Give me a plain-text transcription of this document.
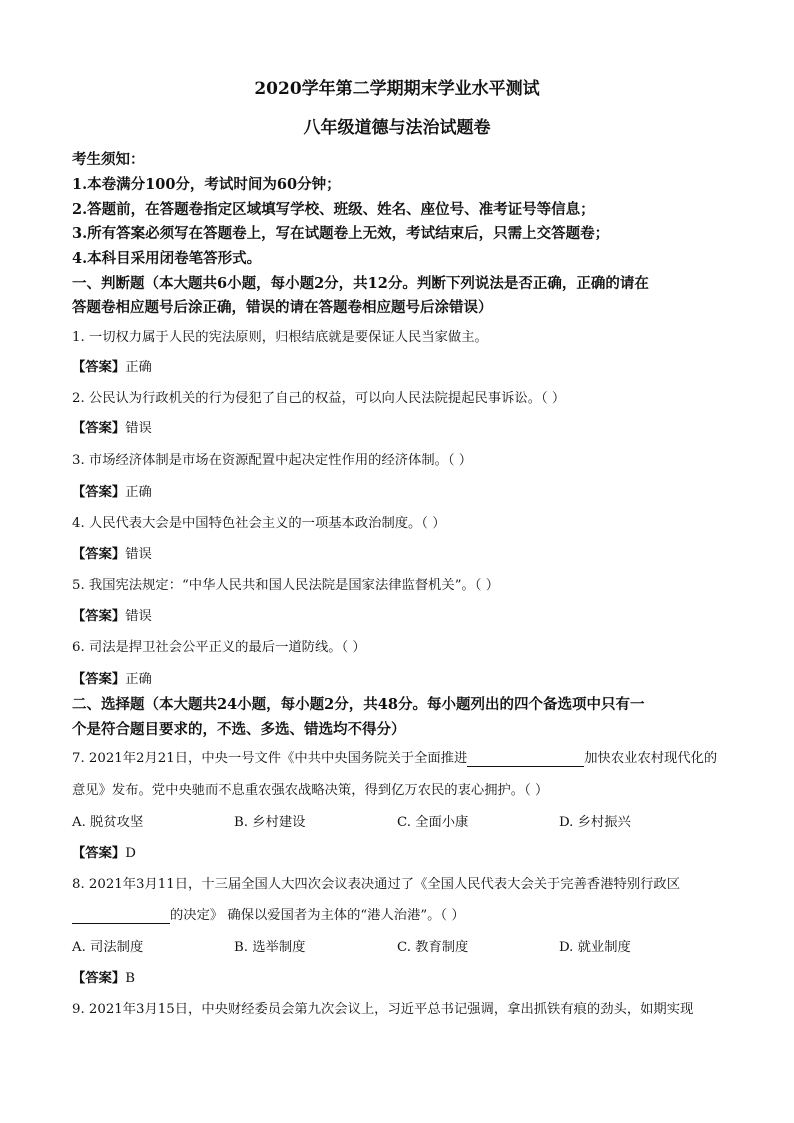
2020学年第二学期期末学业水平测试
八年级道德与法治试题卷
考生须知：
1.本卷满分100分，考试时间为60分钟；
2.答题前，在答题卷指定区域填写学校、班级、姓名、座位号、准考证号等信息；
3.所有答案必须写在答题卷上，写在试题卷上无效，考试结束后，只需上交答题卷；
4.本科目采用闭卷笔答形式。
一、判断题（本大题共6小题，每小题2分，共12分。判断下列说法是否正确，正确的请在
答题卷相应题号后涂正确，错误的请在答题卷相应题号后涂错误）
1. 一切权力属于人民的宪法原则，归根结底就是要保证人民当家做主。
【答案】正确
2. 公民认为行政机关的行为侵犯了自己的权益，可以向人民法院提起民事诉讼。（ ）
【答案】错误
3. 市场经济体制是市场在资源配置中起决定性作用的经济体制。（ ）
【答案】正确
4. 人民代表大会是中国特色社会主义的一项基本政治制度。（ ）
【答案】错误
5. 我国宪法规定：“中华人民共和国人民法院是国家法律监督机关”。（ ）
【答案】错误
6. 司法是捍卫社会公平正义的最后一道防线。（ ）
【答案】正确
二、选择题（本大题共24小题，每小题2分，共48分。每小题列出的四个备选项中只有一
个是符合题目要求的，不选、多选、错选均不得分）
7. 2021年2月21日，中央一号文件《中共中央国务院关于全面推进	加快农业农村现代化的
意见》发布。党中央驰而不息重农强农战略决策，得到亿万农民的衷心拥护。（ ）
A. 脱贫攻坚	B. 乡村建设	C. 全面小康	D. 乡村振兴
【答案】D
8. 2021年3月11日，十三届全国人大四次会议表决通过了《全国人民代表大会关于完善香港特别行政区
的决定》 确保以爱国者为主体的“港人治港”。（ ）
A. 司法制度	B. 选举制度	C. 教育制度	D. 就业制度
【答案】B
9. 2021年3月15日，中央财经委员会第九次会议上，习近平总书记强调，拿出抓铁有痕的劲头，如期实现
